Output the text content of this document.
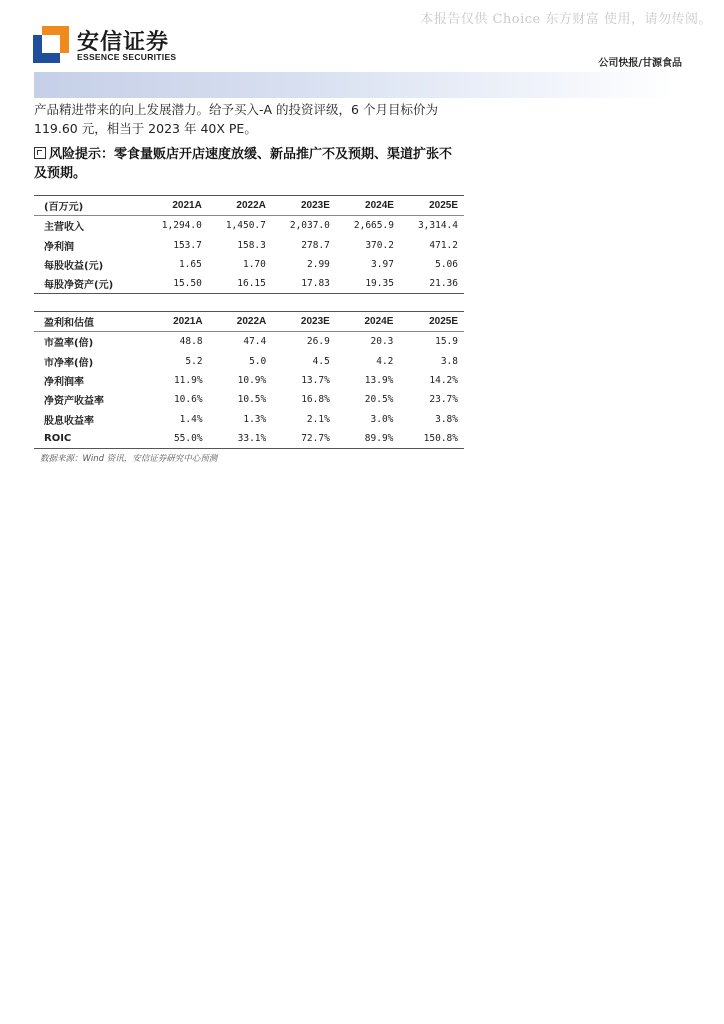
本报告仅供 Choice 东方财富 使用，请勿传阅。
安信证券
ESSENCE SECURITIES
公司快报/甘源食品
产品精进带来的向上发展潜力。给予买入-A 的投资评级，6 个月目标价为 119.60 元，相当于 2023 年 40X PE。
风险提示：零食量贩店开店速度放缓、新品推广不及预期、渠道扩张不及预期。
(百万元)	2021A	2022A	2023E	2024E	2025E
主营收入	1,294.0	1,450.7	2,037.0	2,665.9	3,314.4
净利润	153.7	158.3	278.7	370.2	471.2
每股收益(元)	1.65	1.70	2.99	3.97	5.06
每股净资产(元)	15.50	16.15	17.83	19.35	21.36
盈利和估值	2021A	2022A	2023E	2024E	2025E
市盈率(倍)	48.8	47.4	26.9	20.3	15.9
市净率(倍)	5.2	5.0	4.5	4.2	3.8
净利润率	11.9%	10.9%	13.7%	13.9%	14.2%
净资产收益率	10.6%	10.5%	16.8%	20.5%	23.7%
股息收益率	1.4%	1.3%	2.1%	3.0%	3.8%
ROIC	55.0%	33.1%	72.7%	89.9%	150.8%
数据来源：Wind 资讯，安信证券研究中心预测
